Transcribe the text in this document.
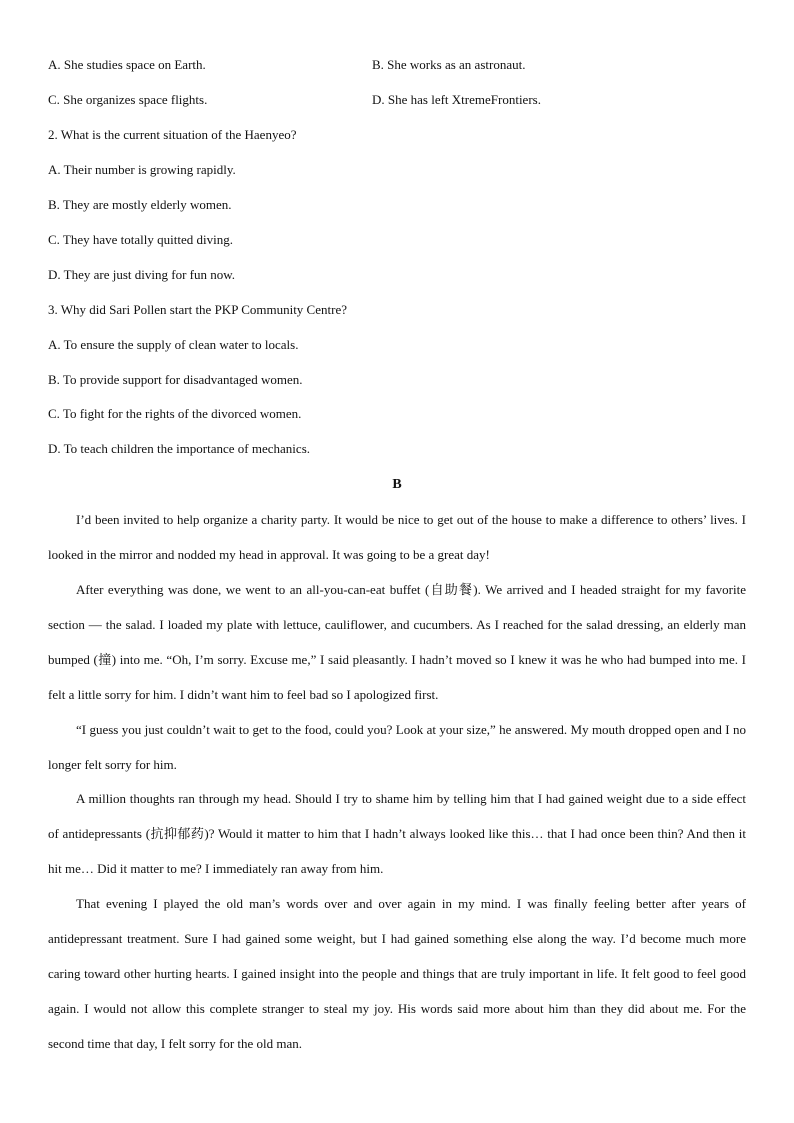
A. She studies space on Earth.	B. She works as an astronaut.
C. She organizes space flights.	D. She has left XtremeFrontiers.
2. What is the current situation of the Haenyeo?
A. Their number is growing rapidly.
B. They are mostly elderly women.
C. They have totally quitted diving.
D. They are just diving for fun now.
3. Why did Sari Pollen start the PKP Community Centre?
A. To ensure the supply of clean water to locals.
B. To provide support for disadvantaged women.
C. To fight for the rights of the divorced women.
D. To teach children the importance of mechanics.
B

I’d been invited to help organize a charity party. It would be nice to get out of the house to make a difference to others’ lives. I looked in the mirror and nodded my head in approval. It was going to be a great day!

After everything was done, we went to an all-you-can-eat buffet (自助餐). We arrived and I headed straight for my favorite section — the salad. I loaded my plate with lettuce, cauliflower, and cucumbers. As I reached for the salad dressing, an elderly man bumped (撞) into me. “Oh, I’m sorry. Excuse me,” I said pleasantly. I hadn’t moved so I knew it was he who had bumped into me. I felt a little sorry for him. I didn’t want him to feel bad so I apologized first.

“I guess you just couldn’t wait to get to the food, could you? Look at your size,” he answered. My mouth dropped open and I no longer felt sorry for him.

A million thoughts ran through my head. Should I try to shame him by telling him that I had gained weight due to a side effect of antidepressants (抗抑郁药)? Would it matter to him that I hadn’t always looked like this… that I had once been thin? And then it hit me… Did it matter to me? I immediately ran away from him.

That evening I played the old man’s words over and over again in my mind. I was finally feeling better after years of antidepressant treatment. Sure I had gained some weight, but I had gained something else along the way. I’d become much more caring toward other hurting hearts. I gained insight into the people and things that are truly important in life. It felt good to feel good again. I would not allow this complete stranger to steal my joy. His words said more about him than they did about me. For the second time that day, I felt sorry for the old man.
